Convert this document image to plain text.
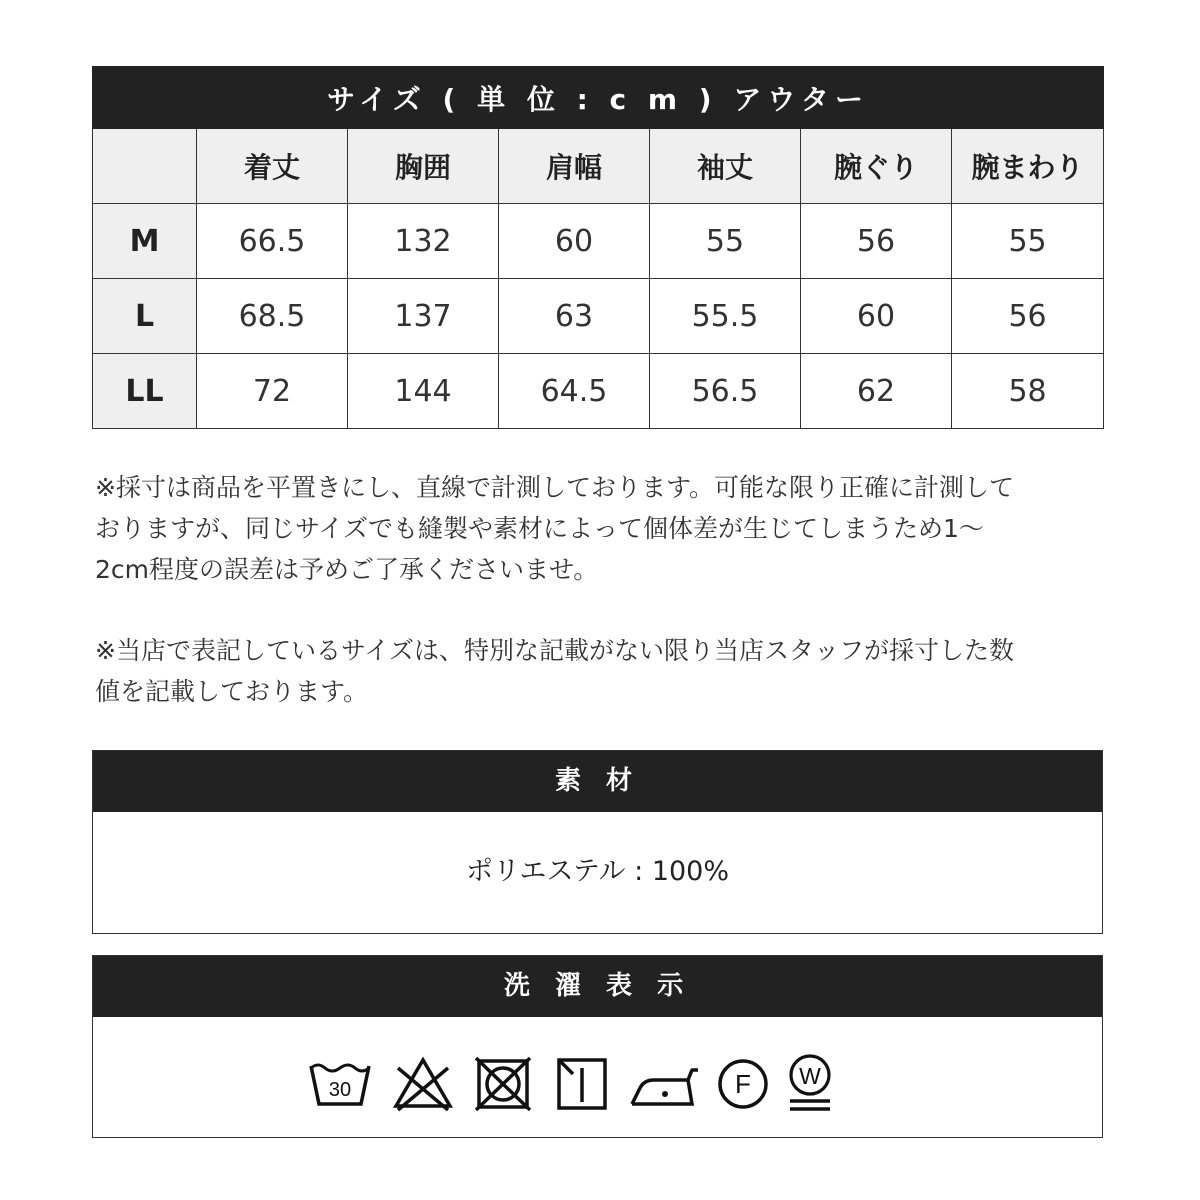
サイズ ( 単 位 : c m ) アウター						
	着丈	胸囲	肩幅	袖丈	腕ぐり	腕まわり
M	66.5	132	60	55	56	55
L	68.5	137	63	55.5	60	56
LL	72	144	64.5	56.5	62	58
※採寸は商品を平置きにし、直線で計測しております。可能な限り正確に計測して
おりますが、同じサイズでも縫製や素材によって個体差が生じてしまうため1～
2cm程度の誤差は予めご了承くださいませ。
※当店で表記しているサイズは、特別な記載がない限り当店スタッフが採寸した数
値を記載しております。
素 材
ポリエステル : 100%
洗 濯 表 示
30	F W
